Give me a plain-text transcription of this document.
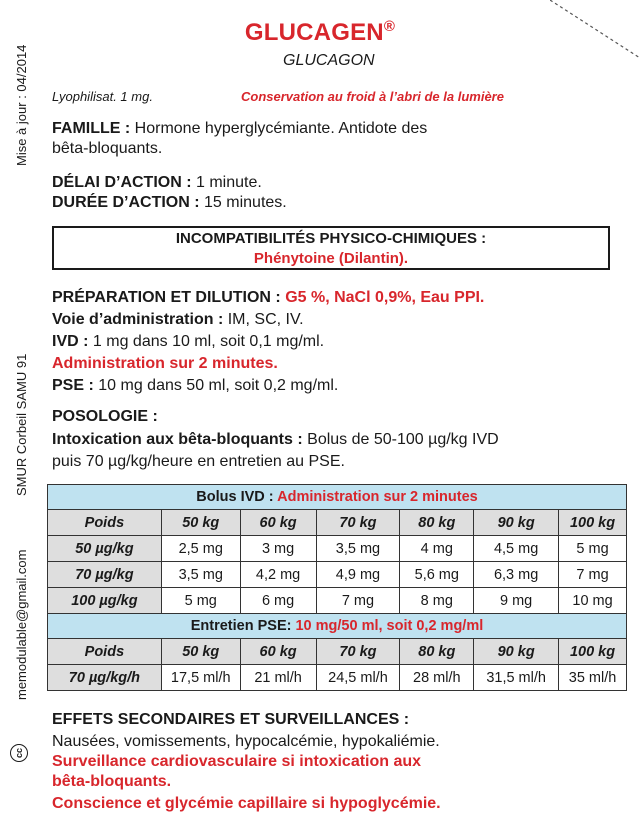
Mise à jour : 04/2014
SMUR Corbeil SAMU 91
memodulable@gmail.com
cc
GLUCAGEN®
GLUCAGON
Lyophilisat. 1 mg.	Conservation au froid à l’abri de la lumière
FAMILLE : Hormone hyperglycémiante. Antidote des
bêta-bloquants.
DÉLAI D’ACTION : 1 minute.
DURÉE D’ACTION : 15 minutes.
INCOMPATIBILITÉS PHYSICO-CHIMIQUES :
Phénytoine (Dilantin).
PRÉPARATION ET DILUTION : G5 %, NaCl 0,9%, Eau PPI.
Voie d’administration : IM, SC, IV.
IVD : 1 mg dans 10 ml, soit 0,1 mg/ml.
Administration sur 2 minutes.
PSE : 10 mg dans 50 ml, soit 0,2 mg/ml.
POSOLOGIE :
Intoxication aux bêta-bloquants : Bolus de 50-100 µg/kg IVD
puis 70 µg/kg/heure en entretien au PSE.
Bolus IVD : Administration sur 2 minutes						
Poids	50 kg	60 kg	70 kg	80 kg	90 kg	100 kg
50 µg/kg	2,5 mg	3 mg	3,5 mg	4 mg	4,5 mg	5 mg
70 µg/kg	3,5 mg	4,2 mg	4,9 mg	5,6 mg	6,3 mg	7 mg
100 µg/kg	5 mg	6 mg	7 mg	8 mg	9 mg	10 mg
Entretien PSE: 10 mg/50 ml, soit 0,2 mg/ml						
Poids	50 kg	60 kg	70 kg	80 kg	90 kg	100 kg
70 µg/kg/h	17,5 ml/h	21 ml/h	24,5 ml/h	28 ml/h	31,5 ml/h	35 ml/h
EFFETS SECONDAIRES ET SURVEILLANCES :
Nausées, vomissements, hypocalcémie, hypokaliémie.
Surveillance cardiovasculaire si intoxication aux
bêta-bloquants.
Conscience et glycémie capillaire si hypoglycémie.
